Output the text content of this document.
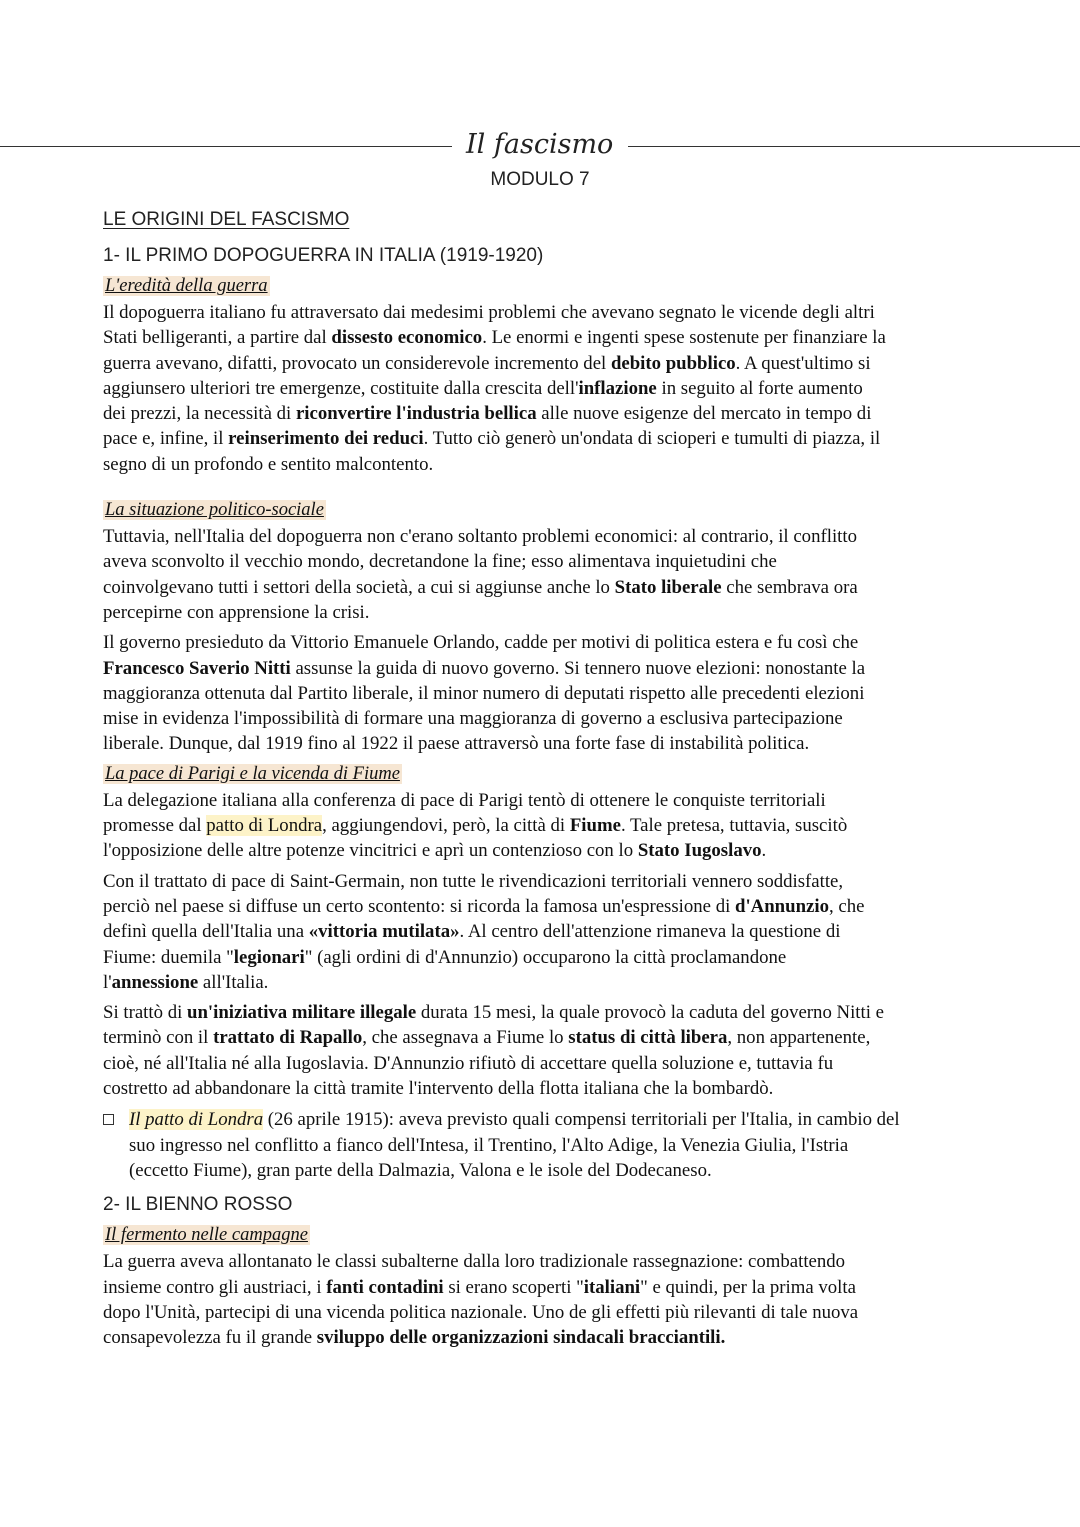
Il fascismo
MODULO 7
LE ORIGINI DEL FASCISMO
1- IL PRIMO DOPOGUERRA IN ITALIA (1919-1920)
L'eredità della guerra

Il dopoguerra italiano fu attraversato dai medesimi problemi che avevano segnato le vicende degli altri
Stati belligeranti, a partire dal dissesto economico. Le enormi e ingenti spese sostenute per finanziare la
guerra avevano, difatti, provocato un considerevole incremento del debito pubblico. A quest'ultimo si
aggiunsero ulteriori tre emergenze, costituite dalla crescita dell'inflazione in seguito al forte aumento
dei prezzi, la necessità di riconvertire l'industria bellica alle nuove esigenze del mercato in tempo di
pace e, infine, il reinserimento dei reduci. Tutto ciò generò un'ondata di scioperi e tumulti di piazza, il
segno di un profondo e sentito malcontento.

La situazione politico-sociale

Tuttavia, nell'Italia del dopoguerra non c'erano soltanto problemi economici: al contrario, il conflitto
aveva sconvolto il vecchio mondo, decretandone la fine; esso alimentava inquietudini che
coinvolgevano tutti i settori della società, a cui si aggiunse anche lo Stato liberale che sembrava ora
percepirne con apprensione la crisi.

Il governo presieduto da Vittorio Emanuele Orlando, cadde per motivi di politica estera e fu così che
Francesco Saverio Nitti assunse la guida di nuovo governo. Si tennero nuove elezioni: nonostante la
maggioranza ottenuta dal Partito liberale, il minor numero di deputati rispetto alle precedenti elezioni
mise in evidenza l'impossibilità di formare una maggioranza di governo a esclusiva partecipazione
liberale. Dunque, dal 1919 fino al 1922 il paese attraversò una forte fase di instabilità politica.

La pace di Parigi e la vicenda di Fiume

La delegazione italiana alla conferenza di pace di Parigi tentò di ottenere le conquiste territoriali
promesse dal patto di Londra, aggiungendovi, però, la città di Fiume. Tale pretesa, tuttavia, suscitò
l'opposizione delle altre potenze vincitrici e aprì un contenzioso con lo Stato Iugoslavo.

Con il trattato di pace di Saint-Germain, non tutte le rivendicazioni territoriali vennero soddisfatte,
perciò nel paese si diffuse un certo scontento: si ricorda la famosa un'espressione di d'Annunzio, che
definì quella dell'Italia una «vittoria mutilata». Al centro dell'attenzione rimaneva la questione di
Fiume: duemila "legionari" (agli ordini di d'Annunzio) occuparono la città proclamandone
l'annessione all'Italia.

Si trattò di un'iniziativa militare illegale durata 15 mesi, la quale provocò la caduta del governo Nitti e
terminò con il trattato di Rapallo, che assegnava a Fiume lo status di città libera, non appartenente,
cioè, né all'Italia né alla Iugoslavia. D'Annunzio rifiutò di accettare quella soluzione e, tuttavia fu
costretto ad abbandonare la città tramite l'intervento della flotta italiana che la bombardò.

Il patto di Londra (26 aprile 1915): aveva previsto quali compensi territoriali per l'Italia, in cambio del
suo ingresso nel conflitto a fianco dell'Intesa, il Trentino, l'Alto Adige, la Venezia Giulia, l'Istria
(eccetto Fiume), gran parte della Dalmazia, Valona e le isole del Dodecaneso.

2- IL BIENNO ROSSO
Il fermento nelle campagne

La guerra aveva allontanato le classi subalterne dalla loro tradizionale rassegnazione: combattendo
insieme contro gli austriaci, i fanti contadini si erano scoperti "italiani" e quindi, per la prima volta
dopo l'Unità, partecipi di una vicenda politica nazionale. Uno de gli effetti più rilevanti di tale nuova
consapevolezza fu il grande sviluppo delle organizzazioni sindacali bracciantili.
